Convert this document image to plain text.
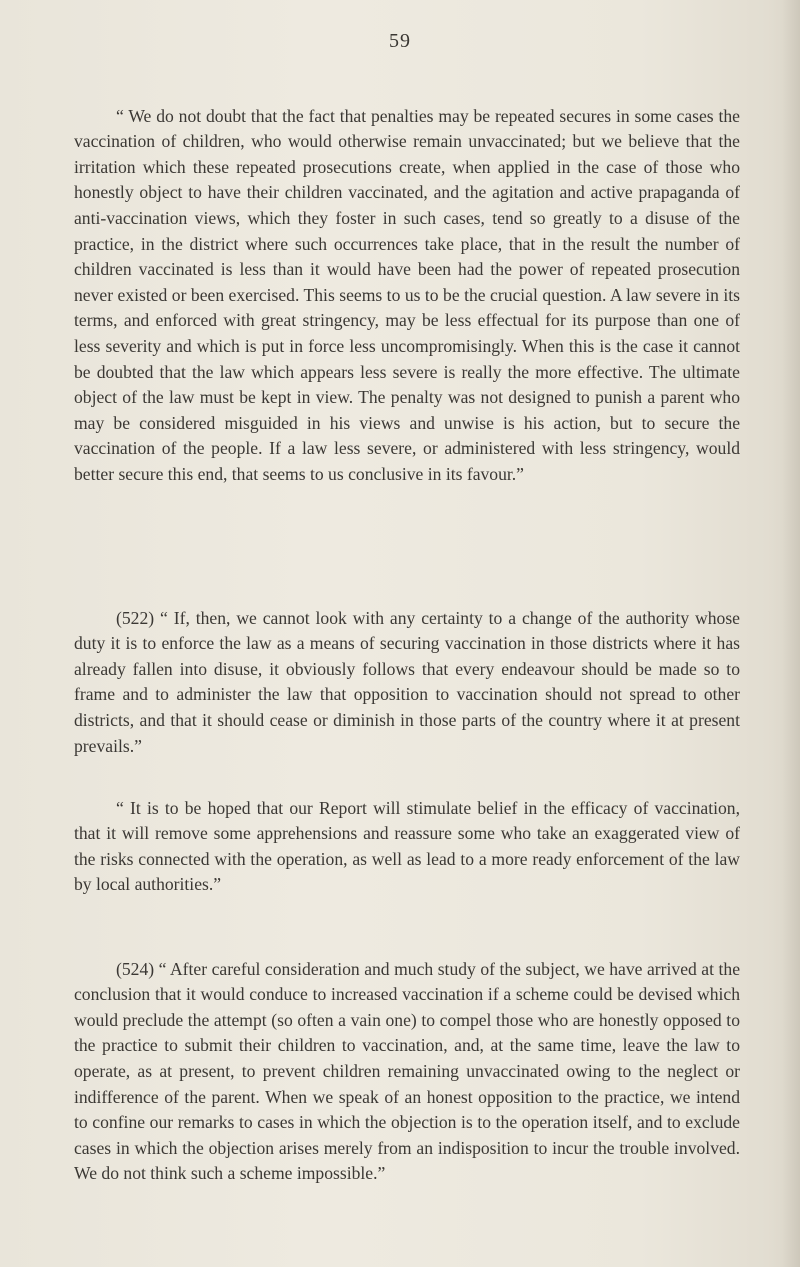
59

“ We do not doubt that the fact that penalties may be repeated secures in some cases the vaccination of children, who would otherwise remain unvaccinated; but we believe that the irritation which these repeated prosecutions create, when applied in the case of those who honestly object to have their children vaccinated, and the agitation and active prapaganda of anti-vaccination views, which they foster in such cases, tend so greatly to a disuse of the practice, in the district where such occurrences take place, that in the result the number of children vaccinated is less than it would have been had the power of repeated prosecution never existed or been exercised. This seems to us to be the crucial question. A law severe in its terms, and enforced with great stringency, may be less effectual for its purpose than one of less severity and which is put in force less uncompromisingly. When this is the case it cannot be doubted that the law which appears less severe is really the more effective. The ultimate object of the law must be kept in view. The penalty was not designed to punish a parent who may be considered misguided in his views and unwise is his action, but to secure the vaccination of the people. If a law less severe, or administered with less stringency, would better secure this end, that seems to us conclusive in its favour.”

(522) “ If, then, we cannot look with any certainty to a change of the authority whose duty it is to enforce the law as a means of securing vaccination in those districts where it has already fallen into disuse, it obviously follows that every endeavour should be made so to frame and to administer the law that opposition to vaccination should not spread to other districts, and that it should cease or diminish in those parts of the country where it at present prevails.”

“ It is to be hoped that our Report will stimulate belief in the efficacy of vaccination, that it will remove some apprehensions and reassure some who take an exaggerated view of the risks connected with the operation, as well as lead to a more ready enforcement of the law by local authorities.”

(524) “ After careful consideration and much study of the subject, we have arrived at the conclusion that it would conduce to increased vaccination if a scheme could be devised which would preclude the attempt (so often a vain one) to compel those who are honestly opposed to the practice to submit their children to vaccination, and, at the same time, leave the law to operate, as at present, to prevent children remaining unvaccinated owing to the neglect or indifference of the parent. When we speak of an honest opposition to the practice, we intend to confine our remarks to cases in which the objection is to the operation itself, and to exclude cases in which the objection arises merely from an indisposition to incur the trouble involved. We do not think such a scheme impossible.”
